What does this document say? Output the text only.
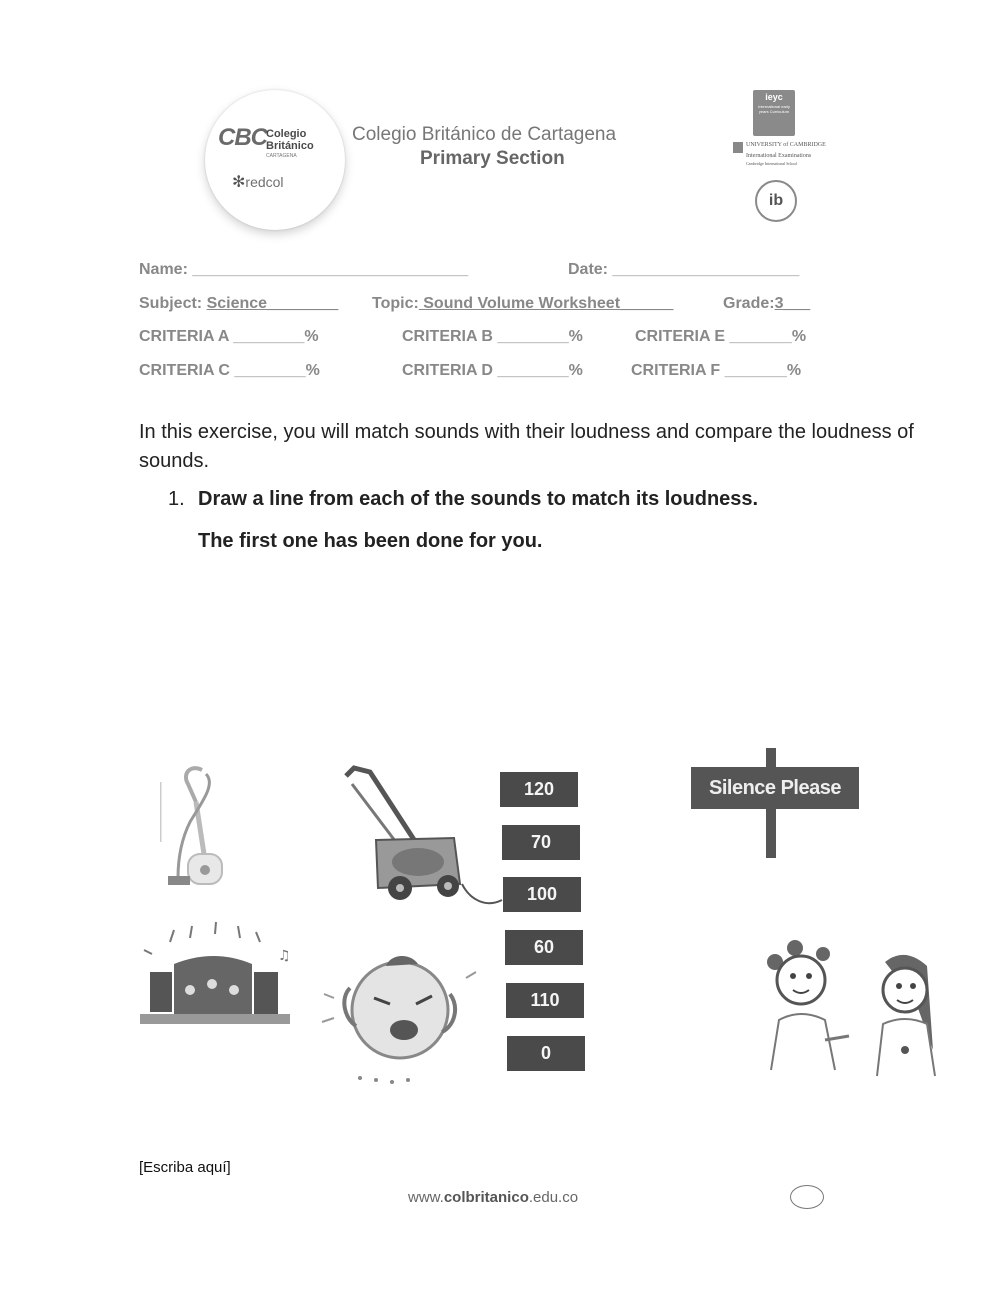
CBC Colegio
Británico
CARTAGENA
✻redcol
Colegio Británico de Cartagena
Primary Section
ieyc
International early years Curriculum
UNIVERSITY of CAMBRIDGE
International Examinations
Cambridge International School
ib
Name: _______________________________	Date: _____________________
Subject: Science________ Topic: Sound Volume Worksheet______	Grade:3___
CRITERIA A ________%	CRITERIA B ________%	CRITERIA E _______%
CRITERIA C ________%	CRITERIA D ________%	CRITERIA F _______%
In this exercise, you will match sounds with their loudness and compare the loudness of sounds.
1. Draw a line from each of the sounds to match its loudness.
The first one has been done for you.
120
70
100
60
110
0
Silence Please
♫
[Escriba aquí]
www.colbritanico.edu.co
